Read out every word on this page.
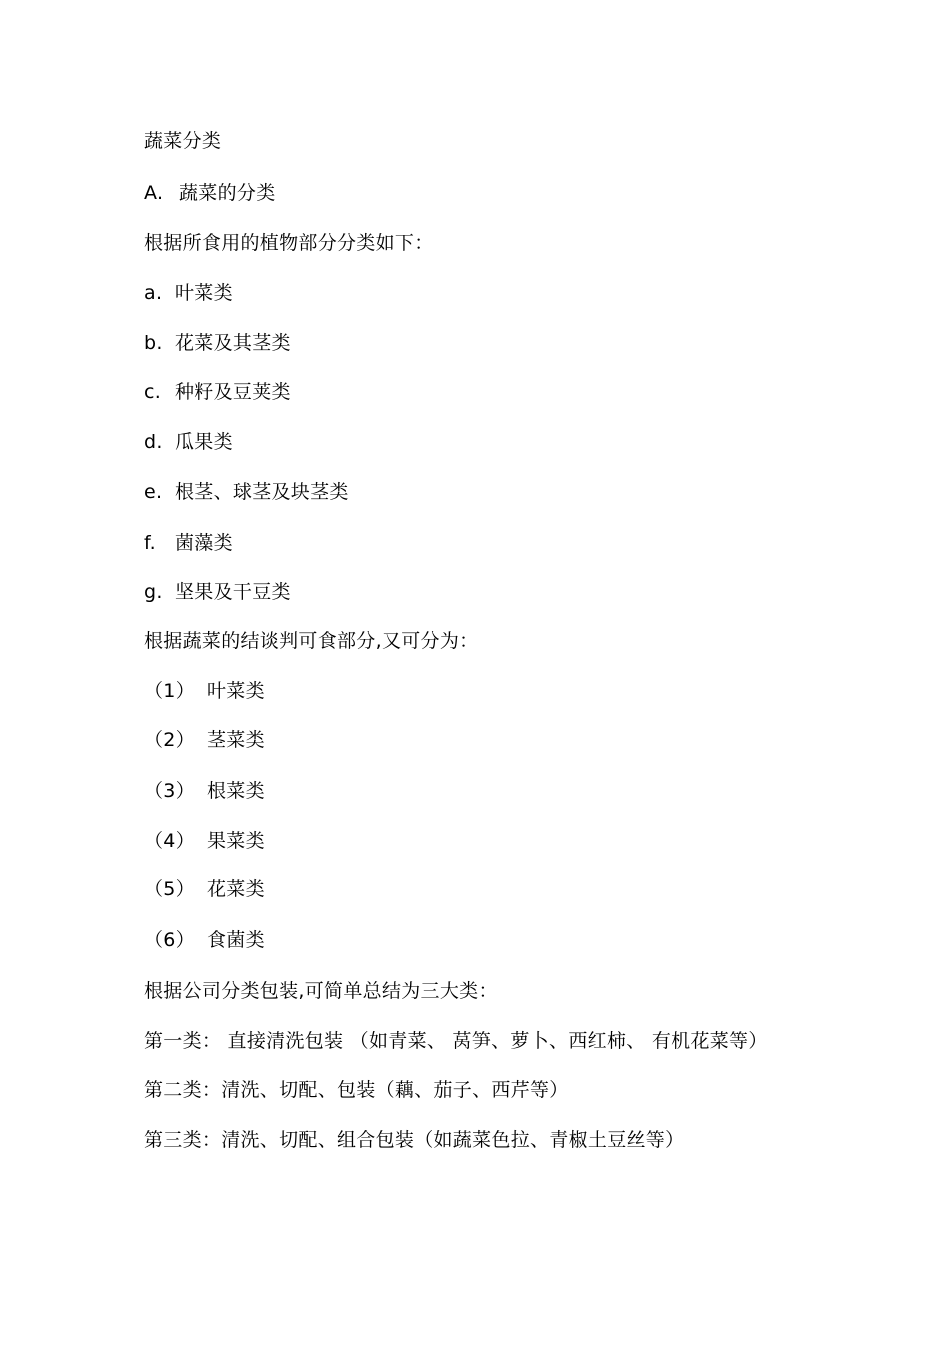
蔬菜分类
A. 蔬菜的分类
根据所食用的植物部分分类如下：
a. 叶菜类
b. 花菜及其茎类
c. 种籽及豆荚类
d. 瓜果类
e. 根茎、球茎及块茎类
f. 菌藻类
g. 坚果及干豆类
根据蔬菜的结谈判可食部分,又可分为：
（1） 叶菜类
（2） 茎菜类
（3） 根菜类
（4） 果菜类
（5） 花菜类
（6） 食菌类
根据公司分类包装,可简单总结为三大类：
第一类： 直接清洗包装 （如青菜、 莴笋、萝卜、西红柿、 有机花菜等）
第二类：清洗、切配、包装（藕、茄子、西芹等）
第三类：清洗、切配、组合包装（如蔬菜色拉、青椒土豆丝等）
